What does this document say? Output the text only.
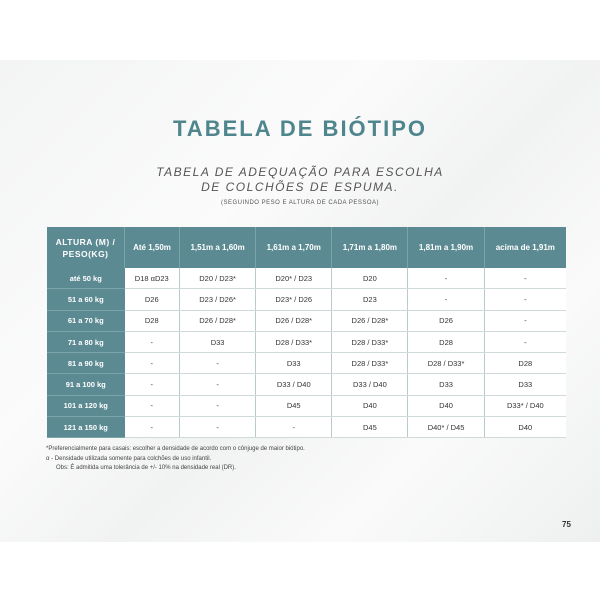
TABELA DE BIÓTIPO
TABELA DE ADEQUAÇÃO PARA ESCOLHA
DE COLCHÕES DE ESPUMA.
(SEGUINDO PESO E ALTURA DE CADA PESSOA)
ALTURA (M) /
PESO(KG)	Até 1,50m	1,51m a 1,60m	1,61m a 1,70m	1,71m a 1,80m	1,81m a 1,90m	acima de 1,91m
até 50 kg	D18 αD23	D20 / D23*	D20* / D23	D20	-	-
51 a 60 kg	D26	D23 / D26*	D23* / D26	D23	-	-
61 a 70 kg	D28	D26 / D28*	D26 / D28*	D26 / D28*	D26	-
71 a 80 kg	-	D33	D28 / D33*	D28 / D33*	D28	-
81 a 90 kg	-	-	D33	D28 / D33*	D28 / D33*	D28
91 a 100 kg	-	-	D33 / D40	D33 / D40	D33	D33
101 a 120 kg	-	-	D45	D40	D40	D33* / D40
121 a 150 kg	-	-	-	D45	D40* / D45	D40
*Preferencialmente para casais: escolher a densidade de acordo com o cônjuge de maior biótipo.
α - Densidade utilizada somente para colchões de uso infantil.
Obs: É admitida uma tolerância de +/- 10% na densidade real (DR).
75
